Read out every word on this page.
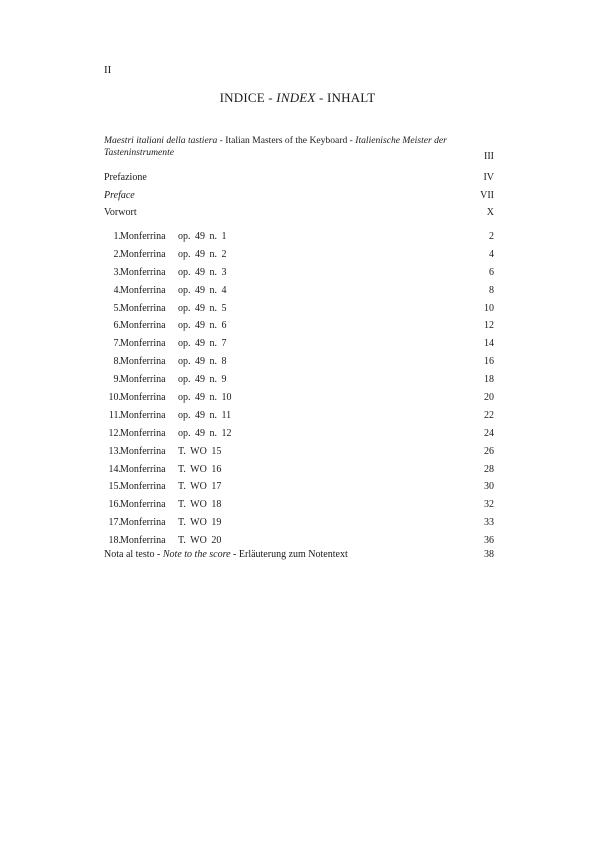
II
INDICE - INDEX - INHALT
Maestri italiani della tastiera - Italian Masters of the Keyboard - Italienische Meister der Tasteninstrumente	III
Prefazione	IV
Preface	VII
Vorwort	X
1. Monferrina op. 49 n. 1	2
2. Monferrina op. 49 n. 2	4
3. Monferrina op. 49 n. 3	6
4. Monferrina op. 49 n. 4	8
5. Monferrina op. 49 n. 5	10
6. Monferrina op. 49 n. 6	12
7. Monferrina op. 49 n. 7	14
8. Monferrina op. 49 n. 8	16
9. Monferrina op. 49 n. 9	18
10. Monferrina op. 49 n. 10	20
11. Monferrina op. 49 n. 11	22
12. Monferrina op. 49 n. 12	24
13. Monferrina T. WO 15	26
14. Monferrina T. WO 16	28
15. Monferrina T. WO 17	30
16. Monferrina T. WO 18	32
17. Monferrina T. WO 19	33
18. Monferrina T. WO 20	36
Nota al testo - Note to the score - Erläuterung zum Notentext	38
